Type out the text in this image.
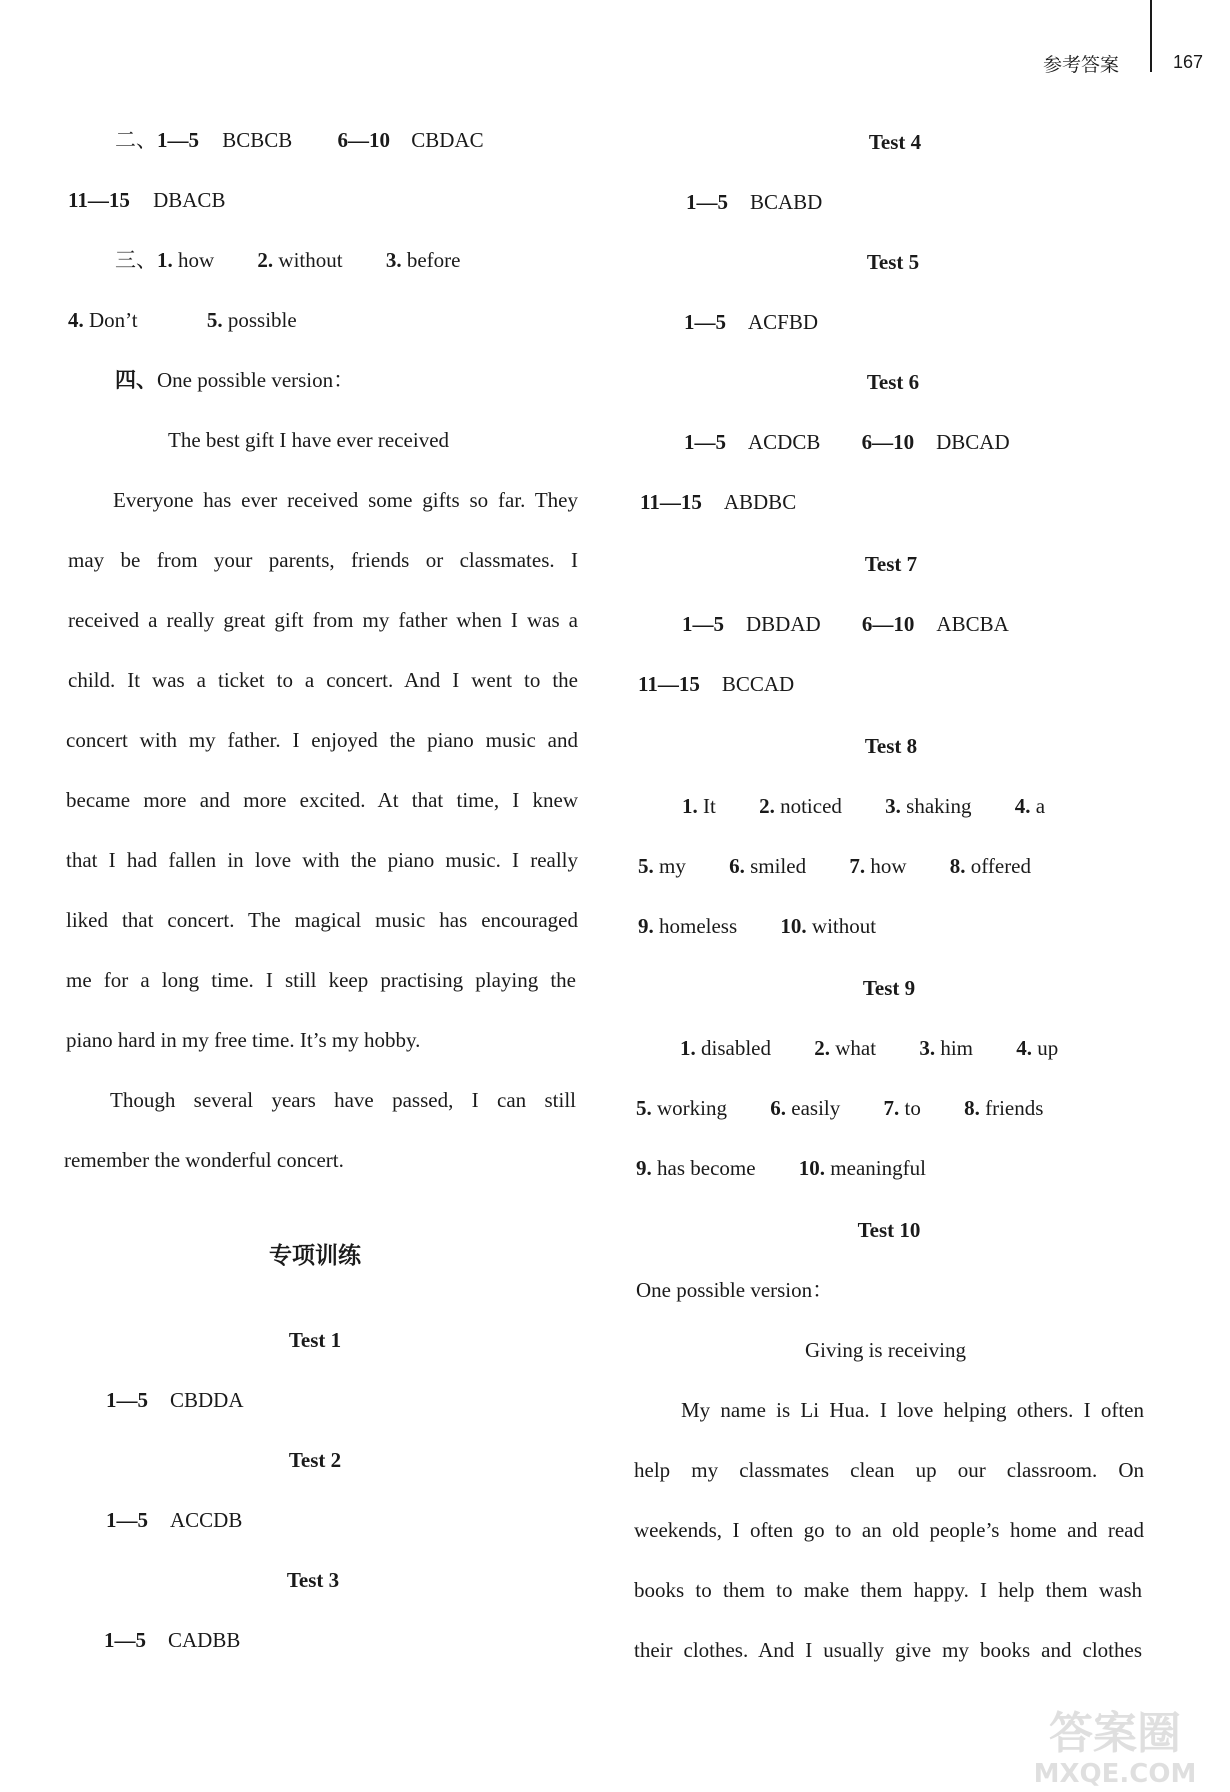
参考答案	167
二、1—5 BCBCB 6—10 CBDAC
11—15 DBACB
三、1. how 2. without 3. before
4. Don’t	5. possible
四、One possible version：
The best gift I have ever received
Everyone has ever received some gifts so far. They
may be from your parents, friends or classmates. I
received a really great gift from my father when I was a
child. It was a ticket to a concert. And I went to the
concert with my father. I enjoyed the piano music and
became more and more excited. At that time, I knew
that I had fallen in love with the piano music. I really
liked that concert. The magical music has encouraged
me for a long time. I still keep practising playing the
piano hard in my free time. It’s my hobby.
Though several years have passed, I can still
remember the wonderful concert.
专项训练
Test 1
1—5 CBDDA
Test 2
1—5 ACCDB
Test 3
1—5 CADBB
Test 4
1—5 BCABD
Test 5
1—5 ACFBD
Test 6
1—5 ACDCB 6—10 DBCAD
11—15 ABDBC
Test 7
1—5 DBDAD 6—10 ABCBA
11—15 BCCAD
Test 8
1. It 2. noticed 3. shaking 4. a
5. my 6. smiled 7. how 8. offered
9. homeless 10. without
Test 9
1. disabled 2. what 3. him 4. up
5. working 6. easily 7. to 8. friends
9. has become 10. meaningful
Test 10
One possible version：
Giving is receiving
My name is Li Hua. I love helping others. I often
help my classmates clean up our classroom. On
weekends, I often go to an old people’s home and read
books to them to make them happy. I help them wash
their clothes. And I usually give my books and clothes
答案圈
MXQE.COM
